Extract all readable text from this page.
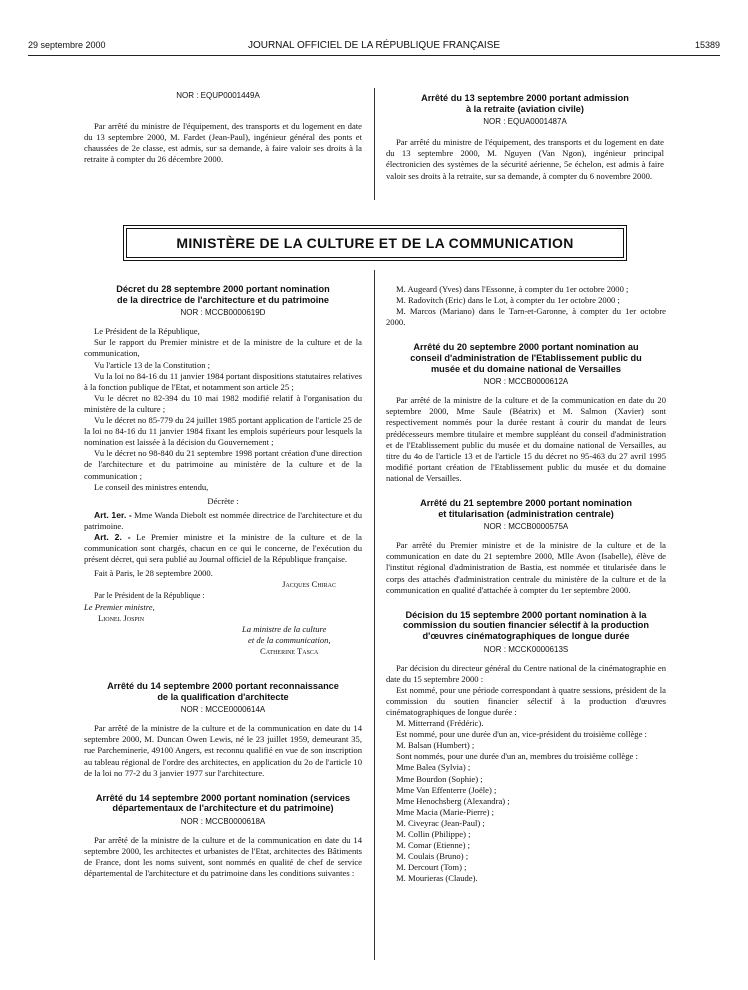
29 septembre 2000	JOURNAL OFFICIEL DE LA RÉPUBLIQUE FRANÇAISE	15389
NOR : EQUP0001449A

Par arrêté du ministre de l'équipement, des transports et du logement en date du 13 septembre 2000, M. Fardet (Jean-Paul), ingénieur général des ponts et chaussées de 2e classe, est admis, sur sa demande, à faire valoir ses droits à la retraite à compter du 26 décembre 2000.

Arrêté du 13 septembre 2000 portant admission
à la retraite (aviation civile)
NOR : EQUA0001487A

Par arrêté du ministre de l'équipement, des transports et du logement en date du 13 septembre 2000, M. Nguyen (Van Ngon), ingénieur principal électronicien des systèmes de la sécurité aérienne, 5e échelon, est admis à faire valoir ses droits à la retraite, sur sa demande, à compter du 6 novembre 2000.

MINISTÈRE DE LA CULTURE ET DE LA COMMUNICATION
Décret du 28 septembre 2000 portant nomination
de la directrice de l'architecture et du patrimoine
NOR : MCCB0000619D

Le Président de la République,

Sur le rapport du Premier ministre et de la ministre de la culture et de la communication,

Vu l'article 13 de la Constitution ;

Vu la loi no 84-16 du 11 janvier 1984 portant dispositions statutaires relatives à la fonction publique de l'Etat, et notamment son article 25 ;

Vu le décret no 82-394 du 10 mai 1982 modifié relatif à l'organisation du ministère de la culture ;

Vu le décret no 85-779 du 24 juillet 1985 portant application de l'article 25 de la loi no 84-16 du 11 janvier 1984 fixant les emplois supérieurs pour lesquels la nomination est laissée à la décision du Gouvernement ;

Vu le décret no 98-840 du 21 septembre 1998 portant création d'une direction de l'architecture et du patrimoine au ministère de la culture et de la communication ;

Le conseil des ministres entendu,

Décrète :

Art. 1er. - Mme Wanda Diebolt est nommée directrice de l'architecture et du patrimoine.

Art. 2. - Le Premier ministre et la ministre de la culture et de la communication sont chargés, chacun en ce qui le concerne, de l'exécution du présent décret, qui sera publié au Journal officiel de la République française.

Fait à Paris, le 28 septembre 2000.

Jacques Chirac

Par le Président de la République :

Le Premier ministre,

Lionel Jospin

La ministre de la culture

et de la communication,

Catherine Tasca

Arrêté du 14 septembre 2000 portant reconnaissance
de la qualification d'architecte
NOR : MCCE0000614A

Par arrêté de la ministre de la culture et de la communication en date du 14 septembre 2000, M. Duncan Owen Lewis, né le 23 juillet 1959, demeurant 35, rue Parcheminerie, 49100 Angers, est reconnu qualifié en vue de son inscription au tableau régional de l'ordre des architectes, en application du 2o de l'article 10 de la loi no 77-2 du 3 janvier 1977 sur l'architecture.

Arrêté du 14 septembre 2000 portant nomination (services
départementaux de l'architecture et du patrimoine)
NOR : MCCB0000618A

Par arrêté de la ministre de la culture et de la communication en date du 14 septembre 2000, les architectes et urbanistes de l'Etat, architectes des Bâtiments de France, dont les noms suivent, sont nommés en qualité de chef de service départemental de l'architecture et du patrimoine dans les conditions suivantes :

M. Augeard (Yves) dans l'Essonne, à compter du 1er octobre 2000 ;

M. Radovitch (Eric) dans le Lot, à compter du 1er octobre 2000 ;

M. Marcos (Mariano) dans le Tarn-et-Garonne, à compter du 1er octobre 2000.

Arrêté du 20 septembre 2000 portant nomination au
conseil d'administration de l'Etablissement public du
musée et du domaine national de Versailles
NOR : MCCB0000612A

Par arrêté de la ministre de la culture et de la communication en date du 20 septembre 2000, Mme Saule (Béatrix) et M. Salmon (Xavier) sont respectivement nommés pour la durée restant à courir du mandat de leurs prédécesseurs membre titulaire et membre suppléant du conseil d'administration et de l'Etablissement public du musée et du domaine national de Versailles, au titre du 4o de l'article 13 et de l'article 15 du décret no 95-463 du 27 avril 1995 modifié portant création de l'Etablissement public du musée et du domaine national de Versailles.

Arrêté du 21 septembre 2000 portant nomination
et titularisation (administration centrale)
NOR : MCCB0000575A

Par arrêté du Premier ministre et de la ministre de la culture et de la communication en date du 21 septembre 2000, Mlle Avon (Isabelle), élève de l'institut régional d'administration de Bastia, est nommée et titularisée dans le corps des attachés d'administration centrale du ministère de la culture et de la communication en qualité d'attachée à compter du 1er septembre 2000.

Décision du 15 septembre 2000 portant nomination à la
commission du soutien financier sélectif à la production
d'œuvres cinématographiques de longue durée
NOR : MCCK0000613S

Par décision du directeur général du Centre national de la cinématographie en date du 15 septembre 2000 :

Est nommé, pour une période correspondant à quatre sessions, président de la commission du soutien financier sélectif à la production d'œuvres cinématographiques de longue durée :

M. Mitterrand (Frédéric).

Est nommé, pour une durée d'un an, vice-président du troisième collège :

M. Balsan (Humbert) ;

Sont nommés, pour une durée d'un an, membres du troisième collège :

Mme Balea (Sylvia) ;

Mme Bourdon (Sophie) ;

Mme Van Effenterre (Joële) ;

Mme Henochsberg (Alexandra) ;

Mme Macia (Marie-Pierre) ;

M. Civeyrac (Jean-Paul) ;

M. Collin (Philippe) ;

M. Comar (Etienne) ;

M. Coulais (Bruno) ;

M. Dercourt (Tom) ;

M. Mourieras (Claude).
